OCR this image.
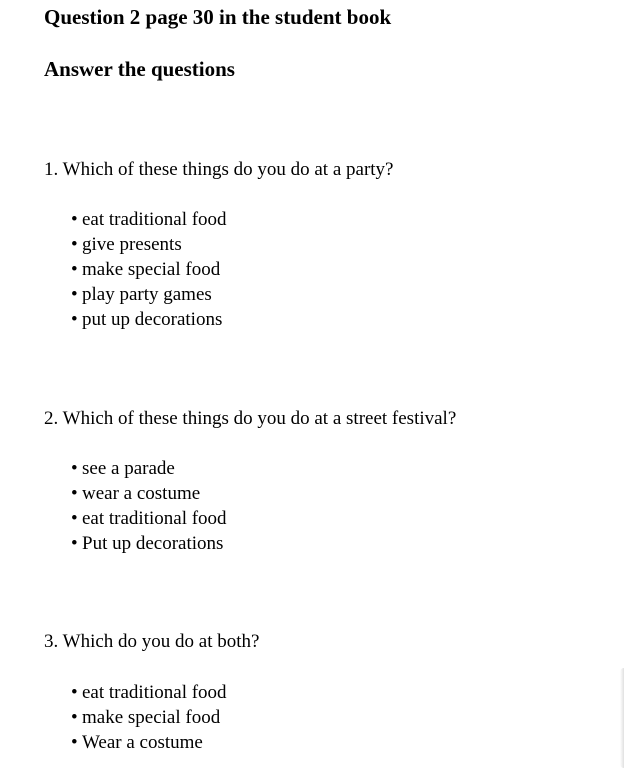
Question 2 page 30 in the student book
Answer the questions

1. Which of these things do you do at a party?

• eat traditional food
• give presents
• make special food
• play party games
• put up decorations

2. Which of these things do you do at a street festival?

• see a parade
• wear a costume
• eat traditional food
• Put up decorations

3. Which do you do at both?

• eat traditional food
• make special food
• Wear a costume
